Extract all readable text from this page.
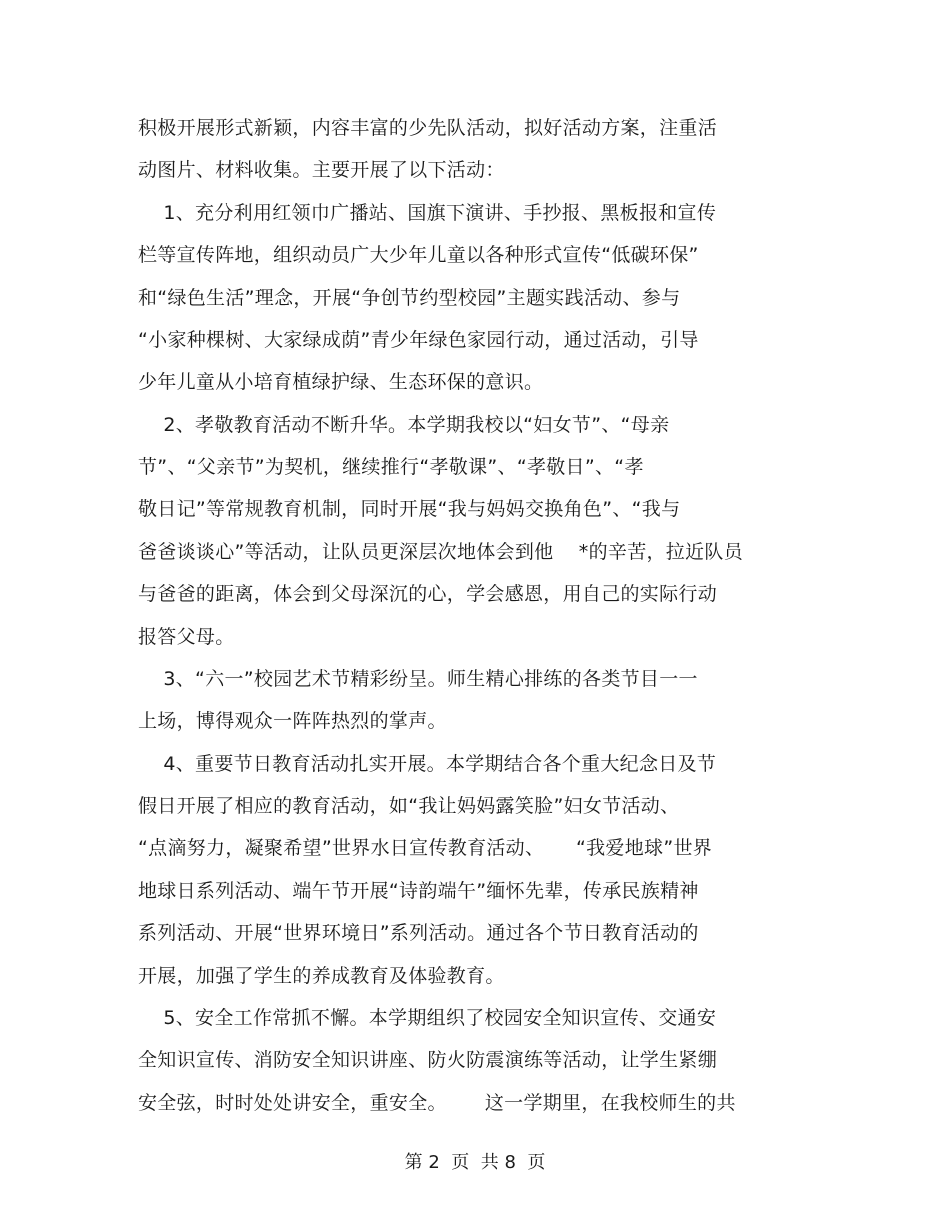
积极开展形式新颖，内容丰富的少先队活动，拟好活动方案，注重活
动图片、材料收集。主要开展了以下活动：
1、充分利用红领巾广播站、国旗下演讲、手抄报、黑板报和宣传
栏等宣传阵地，组织动员广大少年儿童以各种形式宣传“低碳环保”
和“绿色生活”理念，开展“争创节约型校园”主题实践活动、参与
“小家种棵树、大家绿成荫”青少年绿色家园行动，通过活动，引导
少年儿童从小培育植绿护绿、生态环保的意识。
2、孝敬教育活动不断升华。本学期我校以“妇女节”、“母亲
节”、“父亲节”为契机，继续推行“孝敬课”、“孝敬日”、“孝
敬日记”等常规教育机制，同时开展“我与妈妈交换角色”、“我与
爸爸谈谈心”等活动，让队员更深层次地体会到他    *的辛苦，拉近队员
与爸爸的距离，体会到父母深沉的心，学会感恩，用自己的实际行动
报答父母。
3、“六一”校园艺术节精彩纷呈。师生精心排练的各类节目一一
上场，博得观众一阵阵热烈的掌声。
4、重要节日教育活动扎实开展。本学期结合各个重大纪念日及节
假日开展了相应的教育活动，如“我让妈妈露笑脸”妇女节活动、
“点滴努力，凝聚希望”世界水日宣传教育活动、     “我爱地球”世界
地球日系列活动、端午节开展“诗韵端午”缅怀先辈，传承民族精神
系列活动、开展“世界环境日”系列活动。通过各个节日教育活动的
开展，加强了学生的养成教育及体验教育。
5、安全工作常抓不懈。本学期组织了校园安全知识宣传、交通安
全知识宣传、消防安全知识讲座、防火防震演练等活动，让学生紧绷
安全弦，时时处处讲安全，重安全。      这一学期里，在我校师生的共
第 2  页  共 8  页
